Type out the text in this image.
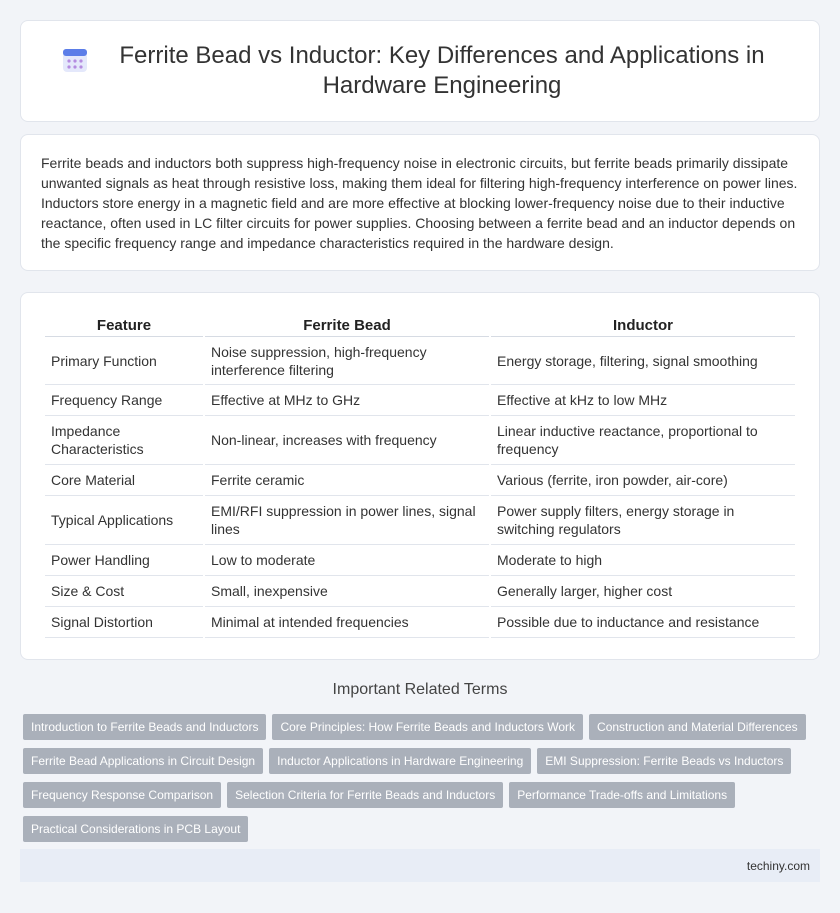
Ferrite Bead vs Inductor: Key Differences and Applications in Hardware Engineering

Ferrite beads and inductors both suppress high-frequency noise in electronic circuits, but ferrite beads primarily dissipate unwanted signals as heat through resistive loss, making them ideal for filtering high-frequency interference on power lines. Inductors store energy in a magnetic field and are more effective at blocking lower-frequency noise due to their inductive reactance, often used in LC filter circuits for power supplies. Choosing between a ferrite bead and an inductor depends on the specific frequency range and impedance characteristics required in the hardware design.

Feature	Ferrite Bead	Inductor
Primary Function	Noise suppression, high-frequency interference filtering	Energy storage, filtering, signal smoothing
Frequency Range	Effective at MHz to GHz	Effective at kHz to low MHz
Impedance Characteristics	Non-linear, increases with frequency	Linear inductive reactance, proportional to frequency
Core Material	Ferrite ceramic	Various (ferrite, iron powder, air-core)
Typical Applications	EMI/RFI suppression in power lines, signal lines	Power supply filters, energy storage in switching regulators
Power Handling	Low to moderate	Moderate to high
Size & Cost	Small, inexpensive	Generally larger, higher cost
Signal Distortion	Minimal at intended frequencies	Possible due to inductance and resistance
Important Related Terms
Introduction to Ferrite Beads and Inductors	Core Principles: How Ferrite Beads and Inductors Work	Construction and Material Differences
Ferrite Bead Applications in Circuit Design	Inductor Applications in Hardware Engineering	EMI Suppression: Ferrite Beads vs Inductors
Frequency Response Comparison	Selection Criteria for Ferrite Beads and Inductors	Performance Trade-offs and Limitations
Practical Considerations in PCB Layout
techiny.com
